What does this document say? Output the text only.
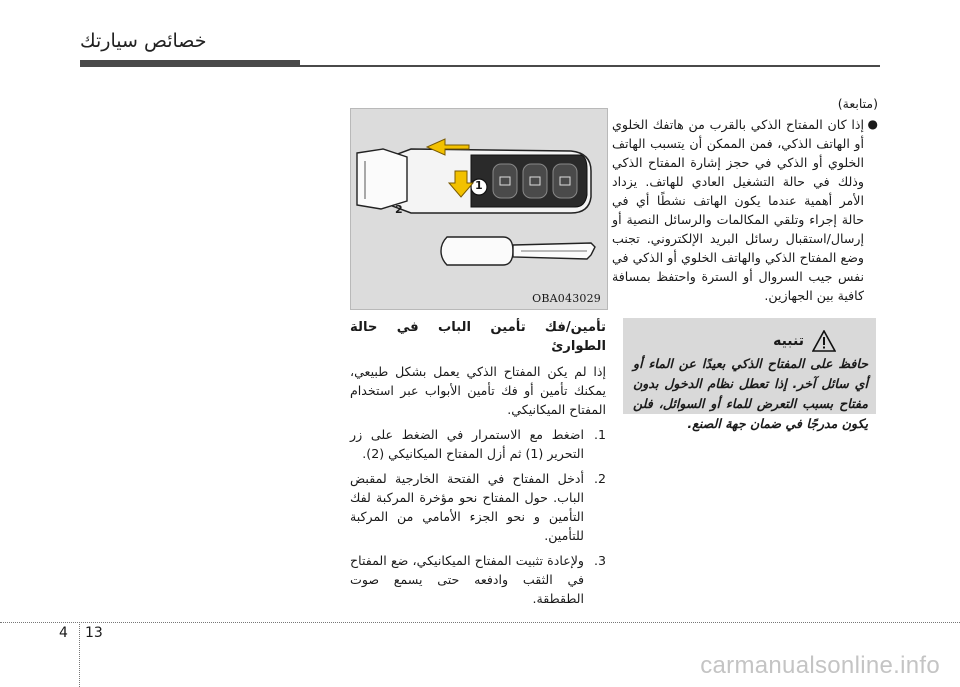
خصائص سيارتك
(متابعة)
●
إذا كان المفتاح الذكي بالقرب من هاتفك الخلوي أو الهاتف الذكي، فمن الممكن أن يتسبب الهاتف الخلوي أو الذكي في حجز إشارة المفتاح الذكي وذلك في حالة التشغيل العادي للهاتف. يزداد الأمر أهمية عندما يكون الهاتف نشطًا أي في حالة إجراء وتلقي المكالمات والرسائل النصية أو إرسال/استقبال رسائل البريد الإلكتروني. تجنب وضع المفتاح الذكي والهاتف الخلوي أو الذكي في نفس جيب السروال أو السترة واحتفظ بمسافة كافية بين الجهازين.
تنبيه
حافظ على المفتاح الذكي بعيدًا عن الماء أو أي سائل آخر. إذا تعطل نظام الدخول بدون مفتاح بسبب التعرض للماء أو السوائل، فلن يكون مدرجًا في ضمان جهة الصنع.
1
2
OBA043029
تأمين/فك تأمين الباب في حالة الطوارئ
إذا لم يكن المفتاح الذكي يعمل بشكل طبيعي، يمكنك تأمين أو فك تأمين الأبواب عبر استخدام المفتاح الميكانيكي.
1.
اضغط مع الاستمرار في الضغط على زر التحرير (1) ثم أزل المفتاح الميكانيكي (2).
2.
أدخل المفتاح في الفتحة الخارجية لمقبض الباب. حول المفتاح نحو مؤخرة المركبة لفك التأمين و نحو الجزء الأمامي من المركبة للتأمين.
3.
ولإعادة تثبيت المفتاح الميكانيكي، ضع المفتاح في الثقب وادفعه حتى يسمع صوت الطقطقة.
4 13
carmanualsonline.info
